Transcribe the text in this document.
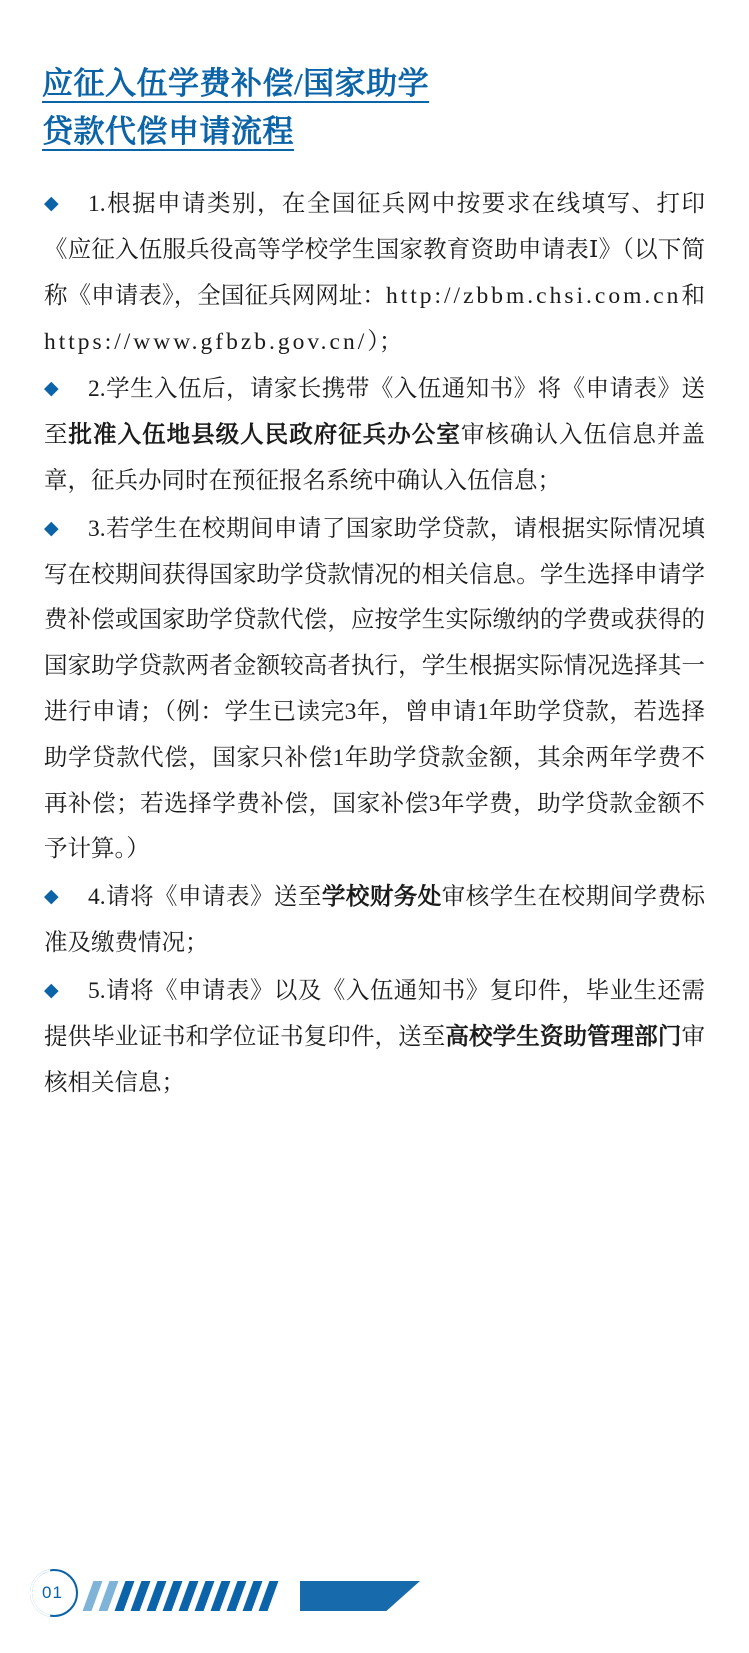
应征入伍学费补偿/国家助学
贷款代偿申请流程

◆ 1.根据申请类别，在全国征兵网中按要求在线填写、打印《应征入伍服兵役高等学校学生国家教育资助申请表Ⅰ》（以下简称《申请表》，全国征兵网网址：http://zbbm.chsi.com.cn和https://www.gfbzb.gov.cn/）；

◆ 2.学生入伍后，请家长携带《入伍通知书》将《申请表》送至批准入伍地县级人民政府征兵办公室审核确认入伍信息并盖章，征兵办同时在预征报名系统中确认入伍信息；

◆ 3.若学生在校期间申请了国家助学贷款，请根据实际情况填写在校期间获得国家助学贷款情况的相关信息。学生选择申请学费补偿或国家助学贷款代偿，应按学生实际缴纳的学费或获得的国家助学贷款两者金额较高者执行，学生根据实际情况选择其一进行申请；（例：学生已读完3年，曾申请1年助学贷款，若选择助学贷款代偿，国家只补偿1年助学贷款金额，其余两年学费不再补偿；若选择学费补偿，国家补偿3年学费，助学贷款金额不予计算。）

◆ 4.请将《申请表》送至学校财务处审核学生在校期间学费标准及缴费情况；

◆ 5.请将《申请表》以及《入伍通知书》复印件，毕业生还需提供毕业证书和学位证书复印件，送至高校学生资助管理部门审核相关信息；

01
